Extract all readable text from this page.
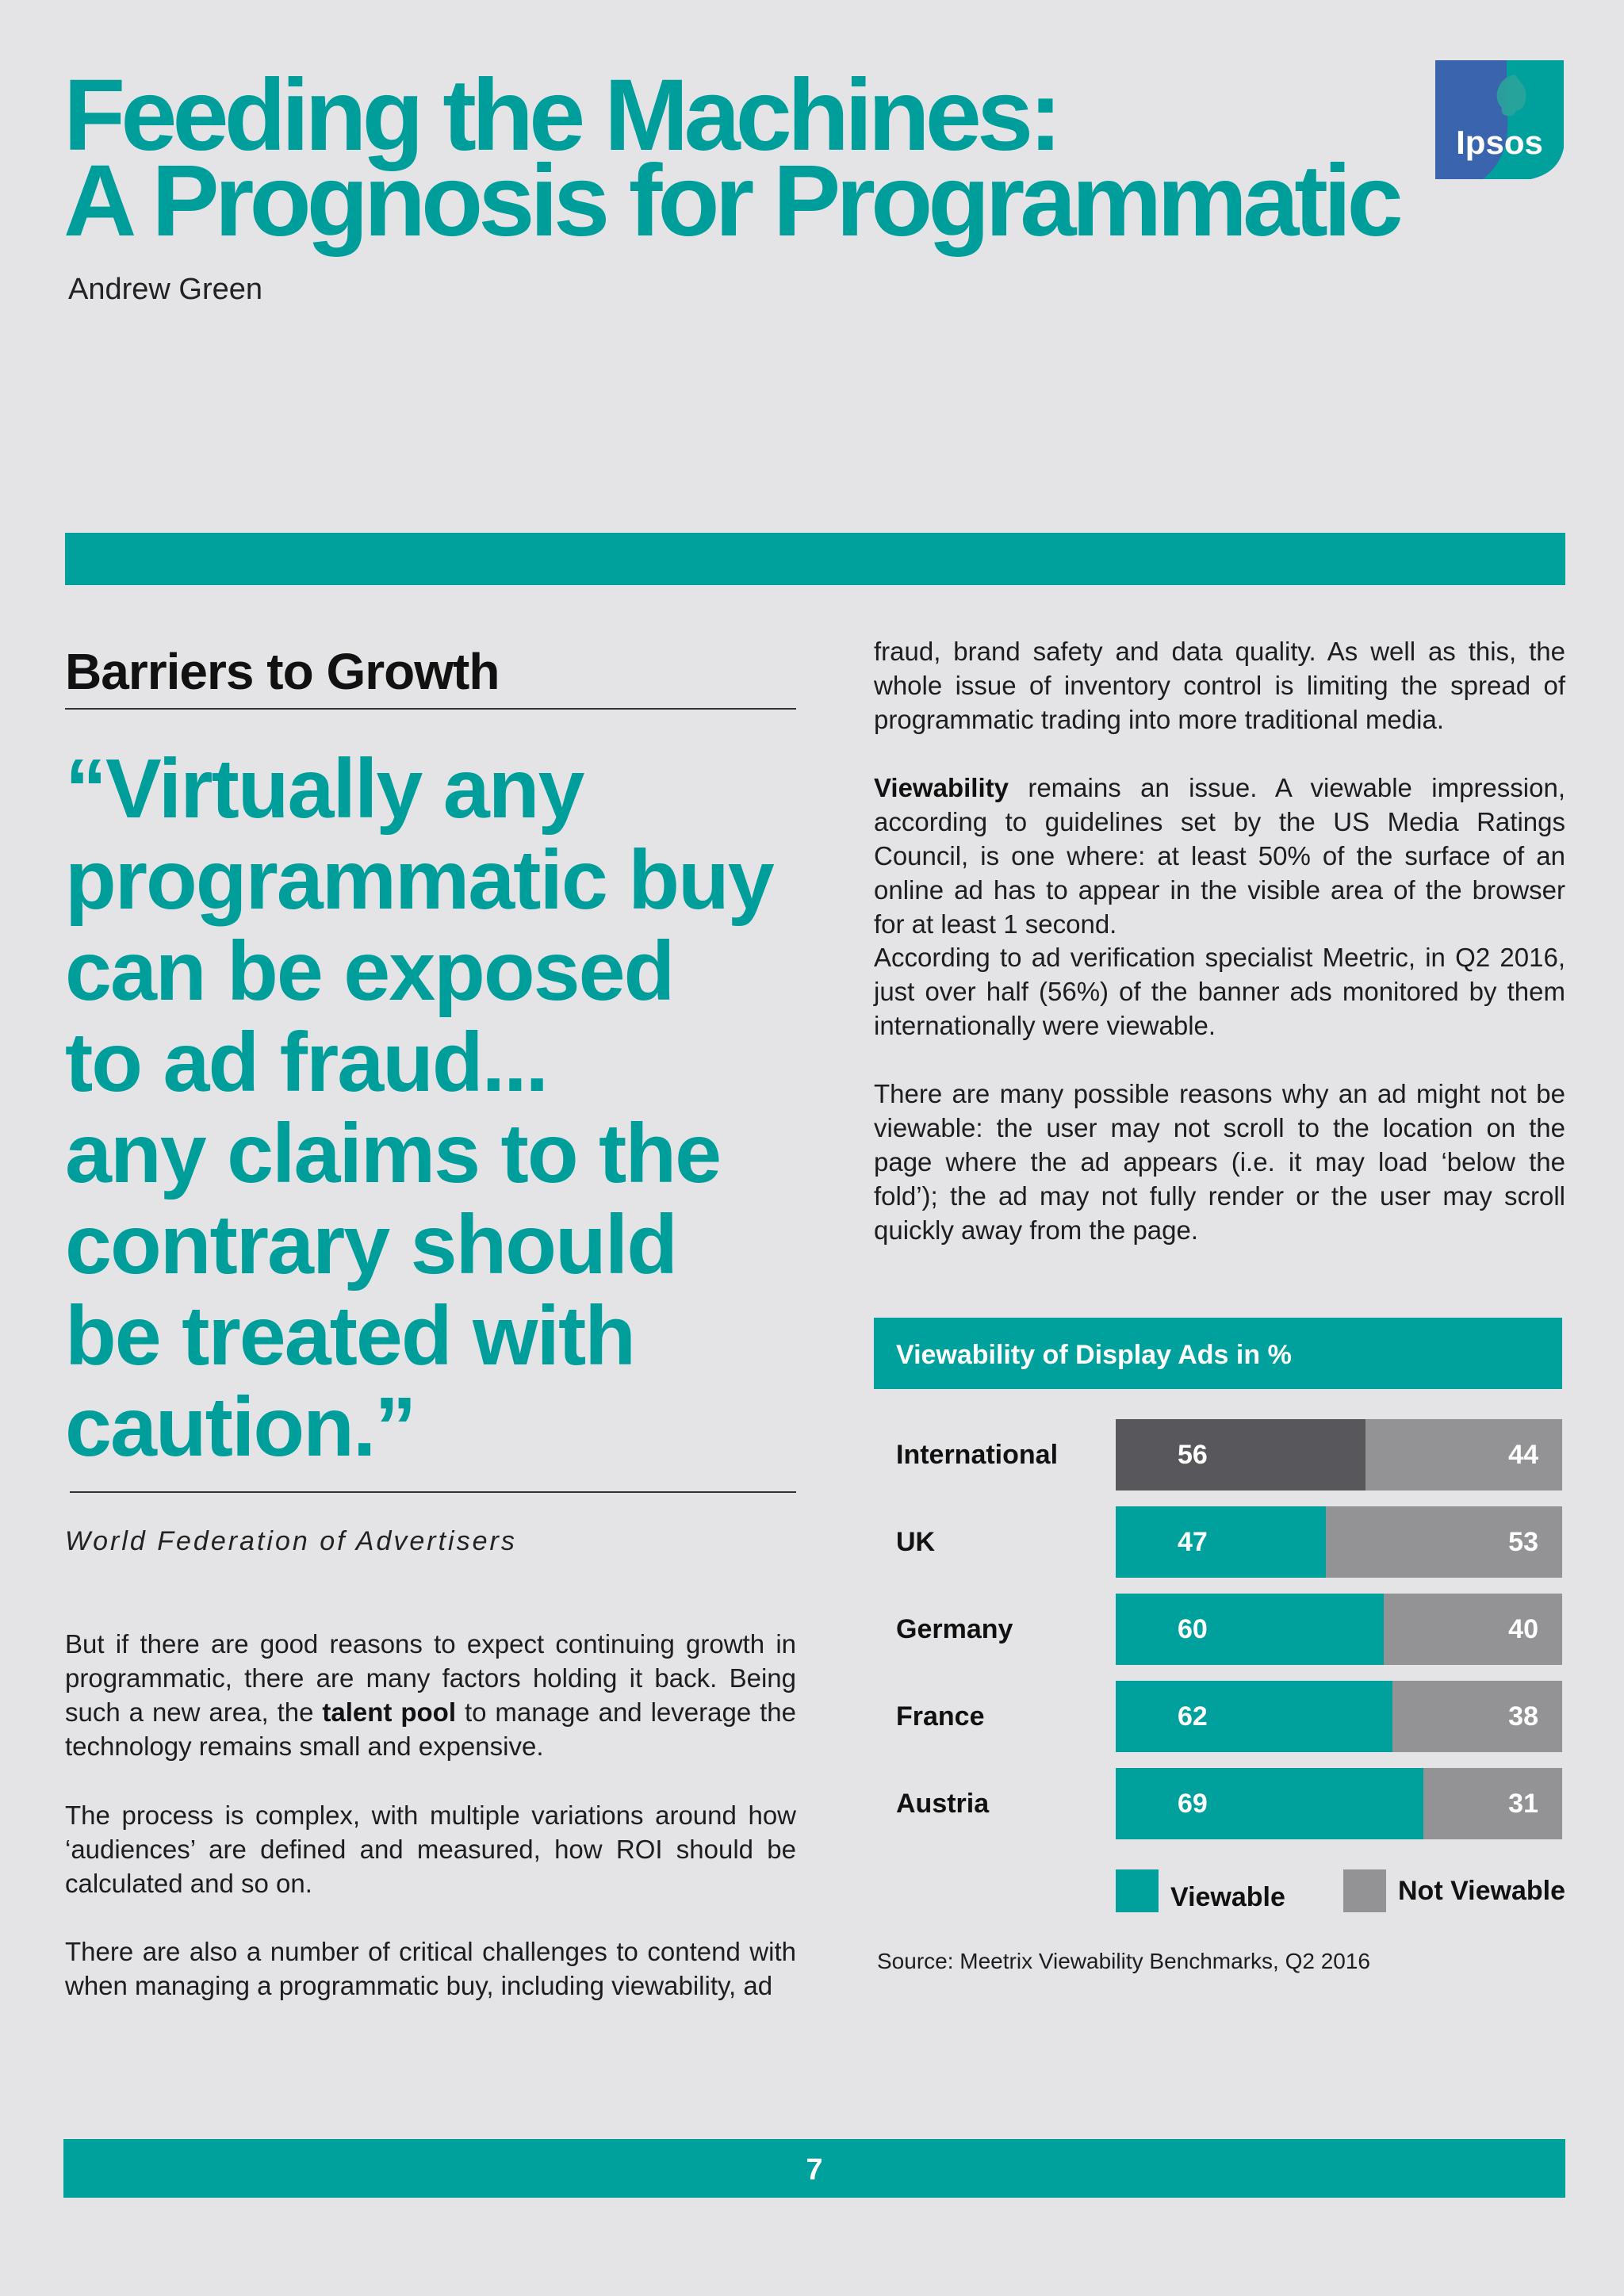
Feeding the Machines:
A Prognosis for Programmatic
Andrew Green
Ipsos
Barriers to Growth
“Virtually any
programmatic buy
can be exposed
to ad fraud...
any claims to the
contrary should
be treated with
caution.”
World Federation of Advertisers

But if there are good reasons to expect continuing growth in programmatic, there are many factors holding it back. Being such a new area, the talent pool to manage and leverage the technology remains small and expensive.

The process is complex, with multiple variations around how ‘audiences’ are defined and measured, how ROI should be calculated and so on.

There are also a number of critical challenges to contend with when managing a programmatic buy, including viewability, ad

fraud, brand safety and data quality. As well as this, the whole issue of inventory control is limiting the spread of programmatic trading into more traditional media.

Viewability remains an issue. A viewable impression, according to guidelines set by the US Media Ratings Council, is one where: at least 50% of the surface of an online ad has to appear in the visible area of the browser for at least 1 second.

According to ad verification specialist Meetric, in Q2 2016, just over half (56%) of the banner ads monitored by them internationally were viewable.

There are many possible reasons why an ad might not be viewable: the user may not scroll to the location on the page where the ad appears (i.e. it may load ‘below the fold’); the ad may not fully render or the user may scroll quickly away from the page.

Viewability of Display Ads in %
International	56	44
UK	47	53
Germany	60	40
France	62	38
Austria	69	31
Viewable	Not Viewable
Source: Meetrix Viewability Benchmarks, Q2 2016
7
